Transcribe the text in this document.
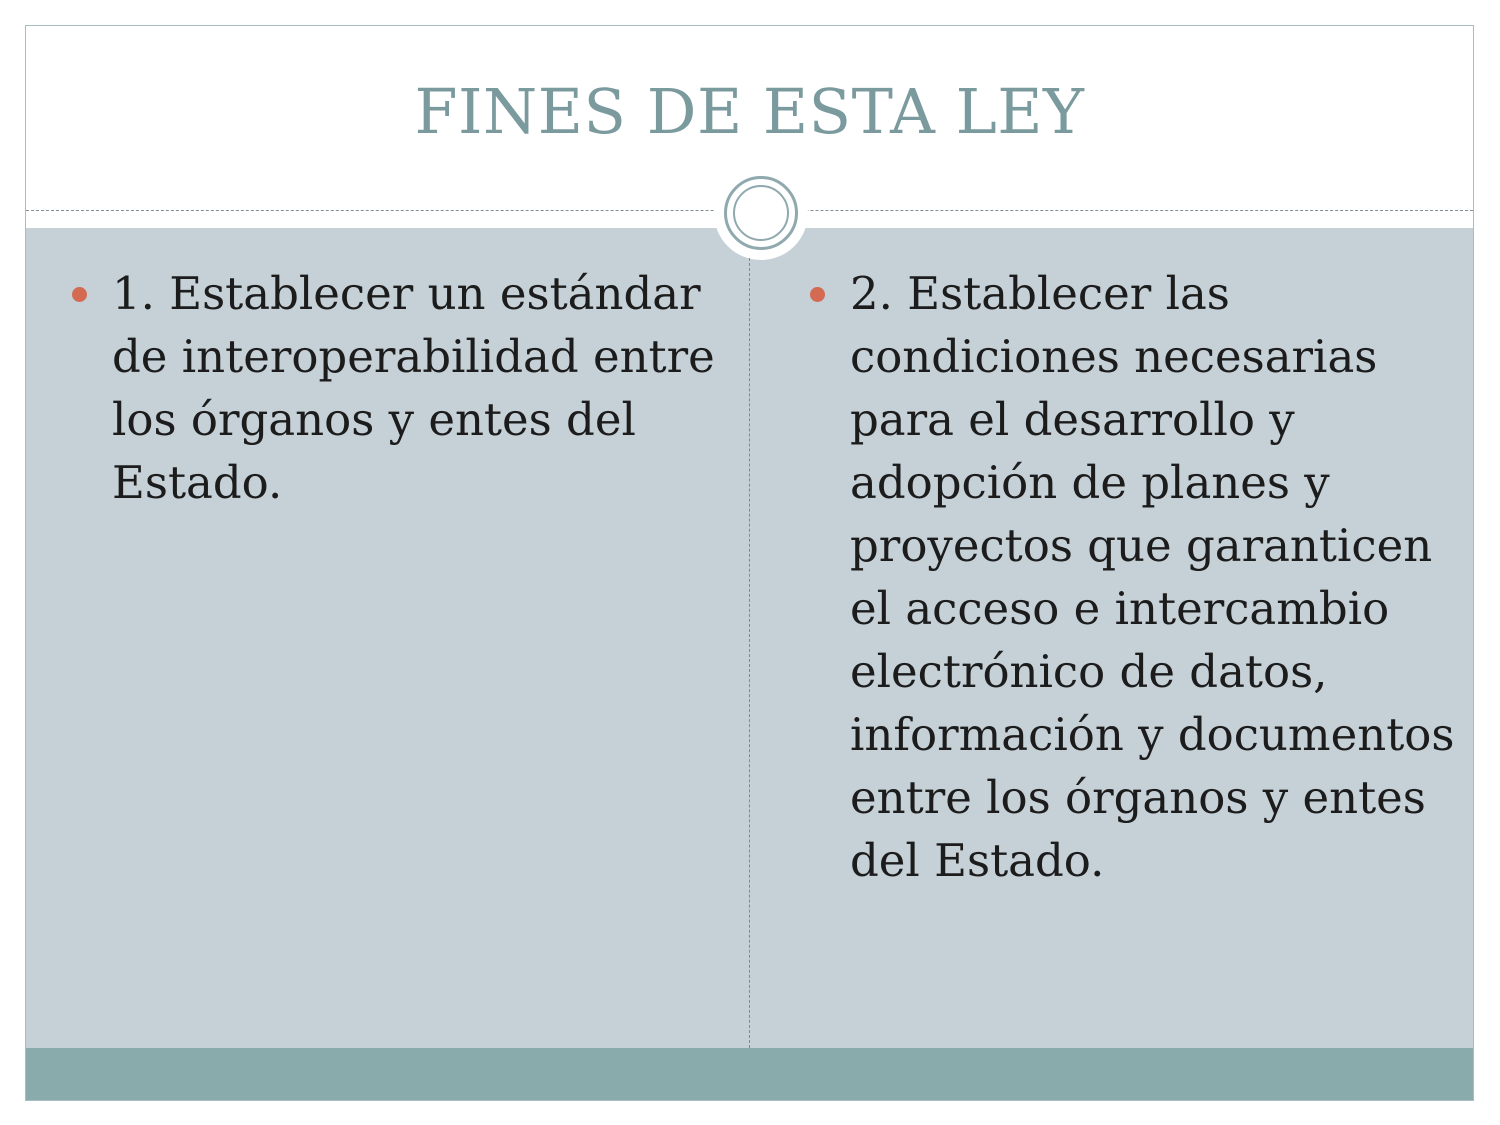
FINES DE ESTA LEY
1. Establecer un estándar de interoperabilidad entre los órganos y entes del Estado.
2. Establecer las condiciones necesarias para el desarrollo y adopción de planes y proyectos que garanticen el acceso e intercambio electrónico de datos, información y documentos entre los órganos y entes del Estado.
